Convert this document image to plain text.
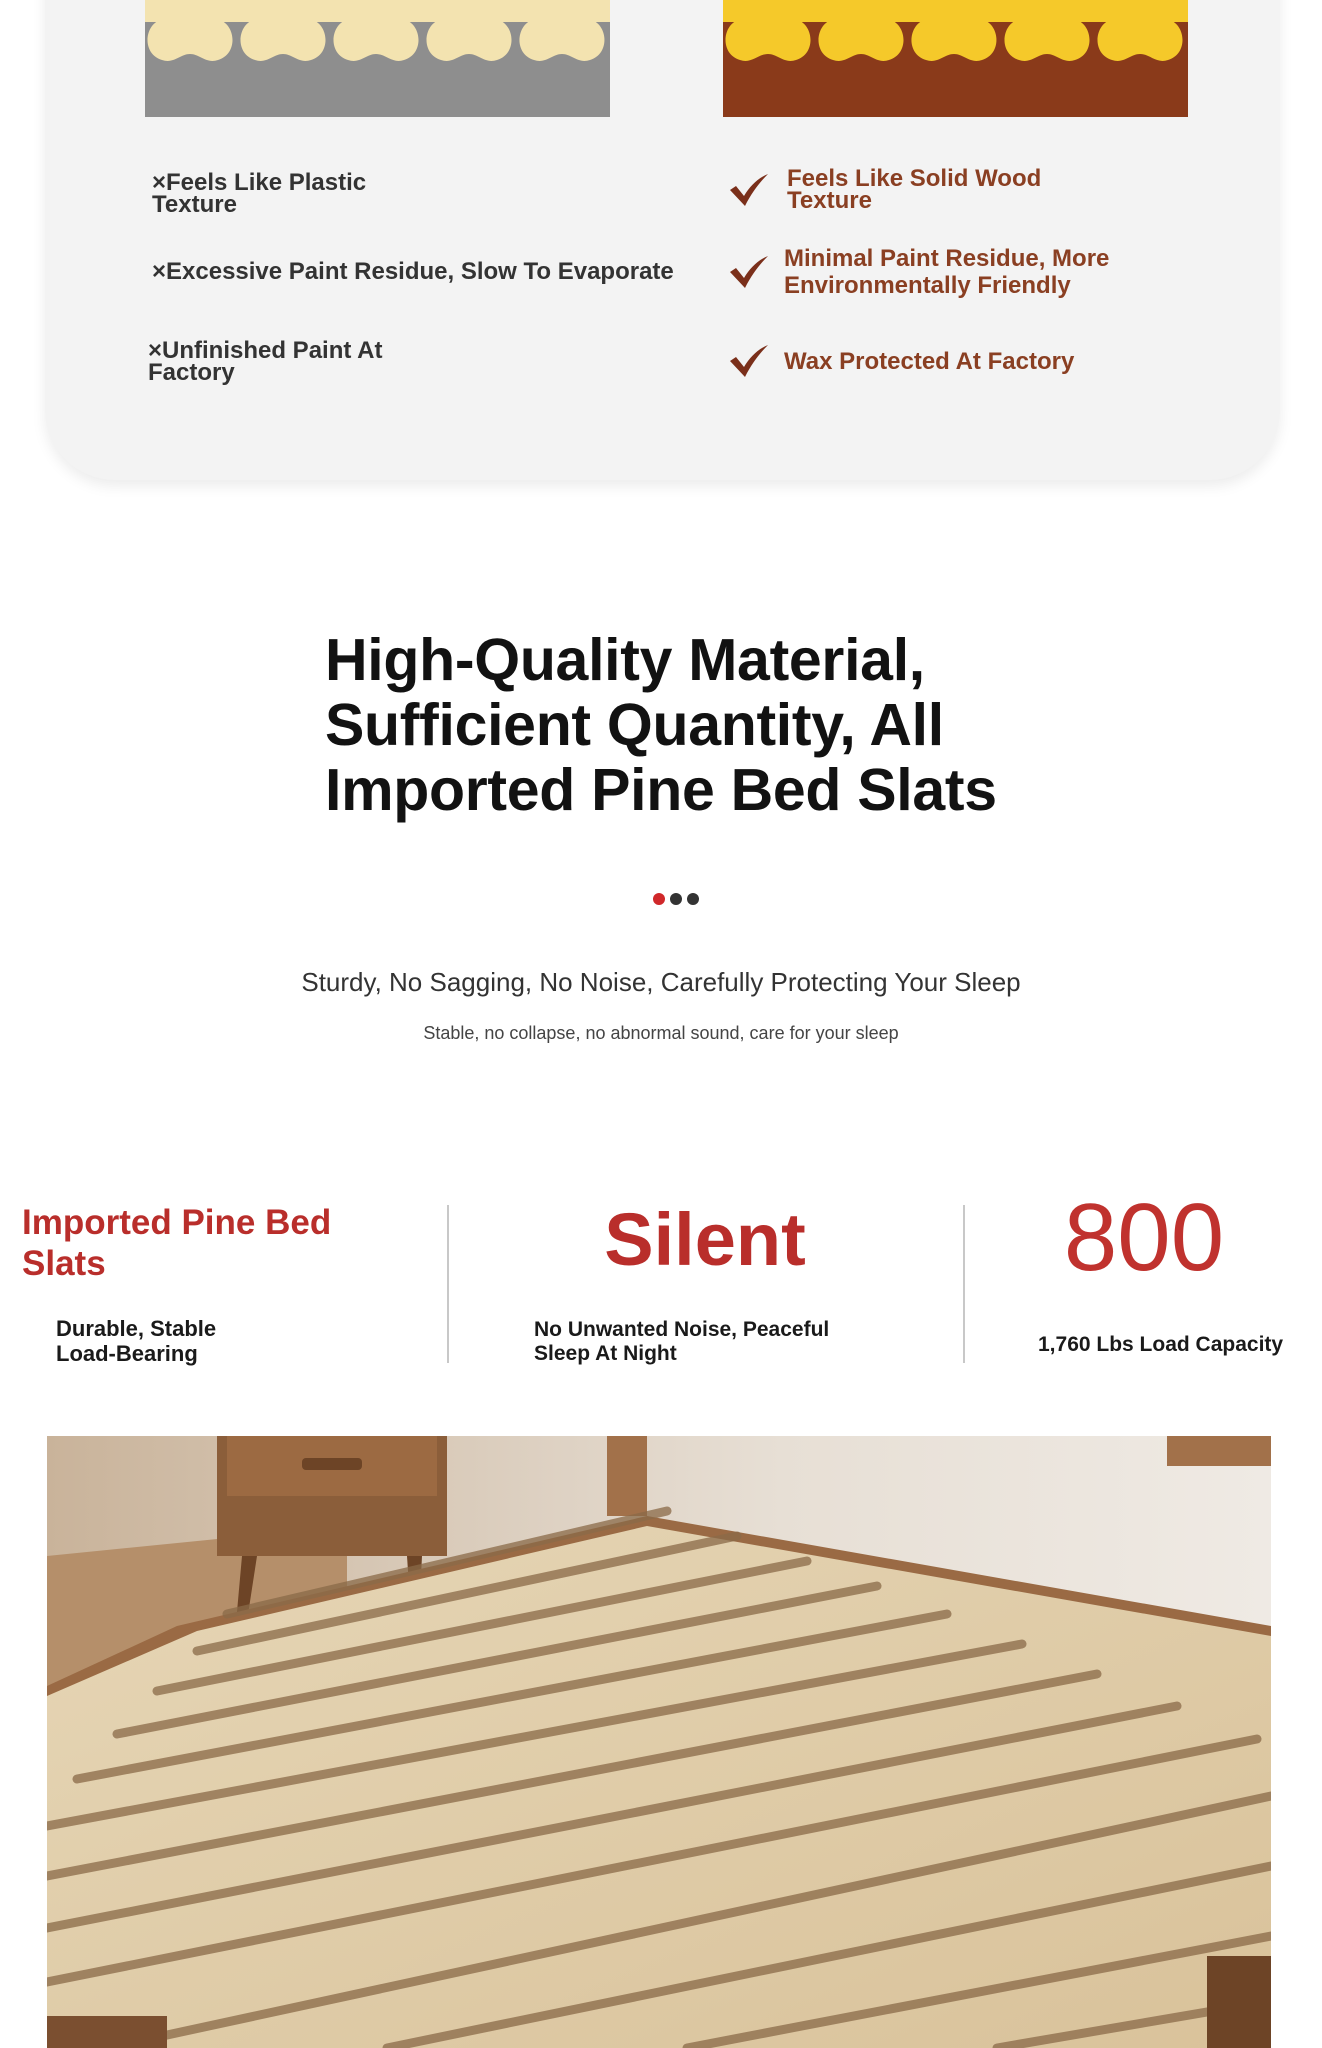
×Feels Like Plastic
Texture
×Excessive Paint Residue, Slow To Evaporate
×Unfinished Paint At
Factory
Feels Like Solid Wood
Texture
Minimal Paint Residue, More
Environmentally Friendly
Wax Protected At Factory
High-Quality Material, Sufficient Quantity, All Imported Pine Bed Slats
Sturdy, No Sagging, No Noise, Carefully Protecting Your Sleep
Stable, no collapse, no abnormal sound, care for your sleep
Imported Pine Bed Slats
Durable, Stable
Load-Bearing
Silent
No Unwanted Noise, Peaceful
Sleep At Night
800
1,760 Lbs Load Capacity
